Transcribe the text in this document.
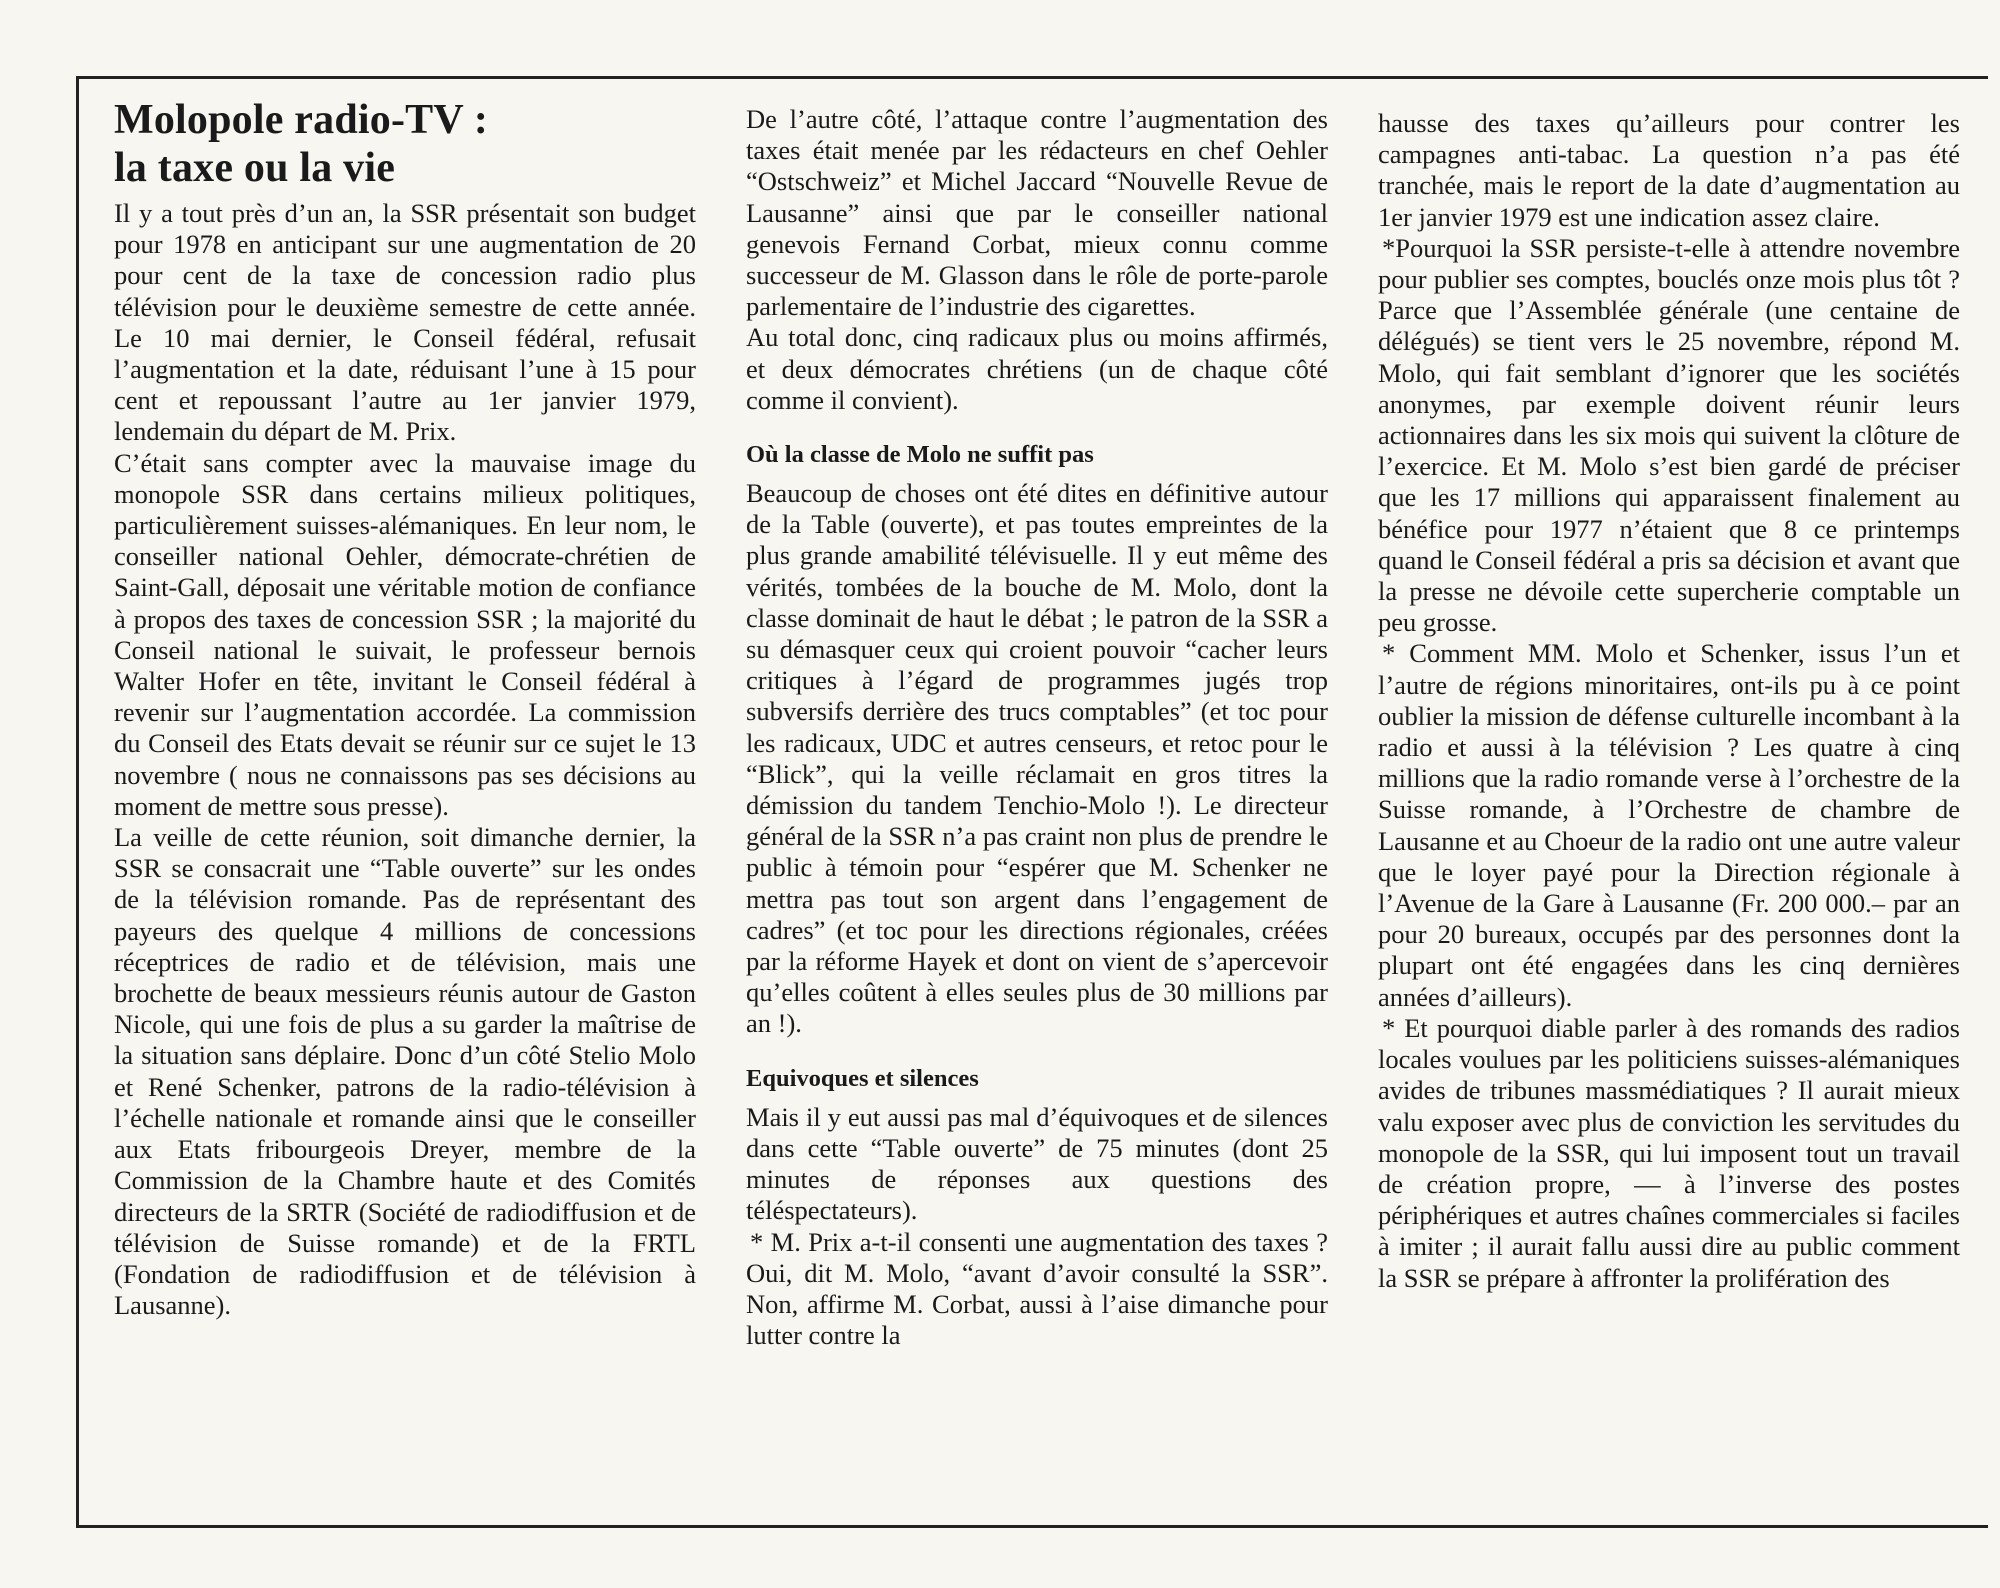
Molopole radio-TV :
la taxe ou la vie

Il y a tout près d’un an, la SSR présentait son budget pour 1978 en anticipant sur une augmentation de 20 pour cent de la taxe de concession radio plus télévision pour le deuxième semestre de cette année. Le 10 mai dernier, le Conseil fédéral, refusait l’augmentation et la date, réduisant l’une à 15 pour cent et repoussant l’autre au 1er janvier 1979, lendemain du départ de M. Prix.

C’était sans compter avec la mauvaise image du monopole SSR dans certains milieux politiques, particulièrement suisses-alémaniques. En leur nom, le conseiller national Oehler, démocrate-chrétien de Saint-Gall, déposait une véritable motion de confiance à propos des taxes de concession SSR ; la majorité du Conseil national le suivait, le professeur bernois Walter Hofer en tête, invitant le Conseil fédéral à revenir sur l’augmentation accordée. La commission du Conseil des Etats devait se réunir sur ce sujet le 13 novembre ( nous ne connaissons pas ses décisions au moment de mettre sous presse).

La veille de cette réunion, soit dimanche dernier, la SSR se consacrait une “Table ouverte” sur les ondes de la télévision romande. Pas de représentant des payeurs des quelque 4 millions de concessions réceptrices de radio et de télévision, mais une brochette de beaux messieurs réunis autour de Gaston Nicole, qui une fois de plus a su garder la maîtrise de la situation sans déplaire. Donc d’un côté Stelio Molo et René Schenker, patrons de la radio-télévision à l’échelle nationale et romande ainsi que le conseiller aux Etats fribourgeois Dreyer, membre de la Commission de la Chambre haute et des Comités directeurs de la SRTR (Société de radiodiffusion et de télévision de Suisse romande) et de la FRTL (Fondation de radiodiffusion et de télévision à Lausanne).

De l’autre côté, l’attaque contre l’augmentation des taxes était menée par les rédacteurs en chef Oehler “Ostschweiz” et Michel Jaccard “Nouvelle Revue de Lausanne” ainsi que par le conseiller national genevois Fernand Corbat, mieux connu comme successeur de M. Glasson dans le rôle de porte-parole parlementaire de l’industrie des cigarettes.

Au total donc, cinq radicaux plus ou moins affirmés, et deux démocrates chrétiens (un de chaque côté comme il convient).

Où la classe de Molo ne suffit pas

Beaucoup de choses ont été dites en définitive autour de la Table (ouverte), et pas toutes empreintes de la plus grande amabilité télévisuelle. Il y eut même des vérités, tombées de la bouche de M. Molo, dont la classe dominait de haut le débat ; le patron de la SSR a su démasquer ceux qui croient pouvoir “cacher leurs critiques à l’égard de programmes jugés trop subversifs derrière des trucs comptables” (et toc pour les radicaux, UDC et autres censeurs, et retoc pour le “Blick”, qui la veille réclamait en gros titres la démission du tandem Tenchio-Molo !). Le directeur général de la SSR n’a pas craint non plus de prendre le public à témoin pour “espérer que M. Schenker ne mettra pas tout son argent dans l’engagement de cadres” (et toc pour les directions régionales, créées par la réforme Hayek et dont on vient de s’apercevoir qu’elles coûtent à elles seules plus de 30 millions par an !).

Equivoques et silences

Mais il y eut aussi pas mal d’équivoques et de silences dans cette “Table ouverte” de 75 minutes (dont 25 minutes de réponses aux questions des téléspectateurs).

* M. Prix a-t-il consenti une augmentation des taxes ? Oui, dit M. Molo, “avant d’avoir consulté la SSR”. Non, affirme M. Corbat, aussi à l’aise dimanche pour lutter contre la

hausse des taxes qu’ailleurs pour contrer les campagnes anti-tabac. La question n’a pas été tranchée, mais le report de la date d’augmentation au 1er janvier 1979 est une indication assez claire.

*Pourquoi la SSR persiste-t-elle à attendre novembre pour publier ses comptes, bouclés onze mois plus tôt ? Parce que l’Assemblée générale (une centaine de délégués) se tient vers le 25 novembre, répond M. Molo, qui fait semblant d’ignorer que les sociétés anonymes, par exemple doivent réunir leurs actionnaires dans les six mois qui suivent la clôture de l’exercice. Et M. Molo s’est bien gardé de préciser que les 17 millions qui apparaissent finalement au bénéfice pour 1977 n’étaient que 8 ce printemps quand le Conseil fédéral a pris sa décision et avant que la presse ne dévoile cette supercherie comptable un peu grosse.

* Comment MM. Molo et Schenker, issus l’un et l’autre de régions minoritaires, ont-ils pu à ce point oublier la mission de défense culturelle incombant à la radio et aussi à la télévision ? Les quatre à cinq millions que la radio romande verse à l’orchestre de la Suisse romande, à l’Orchestre de chambre de Lausanne et au Choeur de la radio ont une autre valeur que le loyer payé pour la Direction régionale à l’Avenue de la Gare à Lausanne (Fr. 200 000.– par an pour 20 bureaux, occupés par des personnes dont la plupart ont été engagées dans les cinq dernières années d’ailleurs).

* Et pourquoi diable parler à des romands des radios locales voulues par les politiciens suisses-alémaniques avides de tribunes massmédiatiques ? Il aurait mieux valu exposer avec plus de conviction les servitudes du monopole de la SSR, qui lui imposent tout un travail de création propre, — à l’inverse des postes périphériques et autres chaînes commerciales si faciles à imiter ; il aurait fallu aussi dire au public comment la SSR se prépare à affronter la prolifération des
